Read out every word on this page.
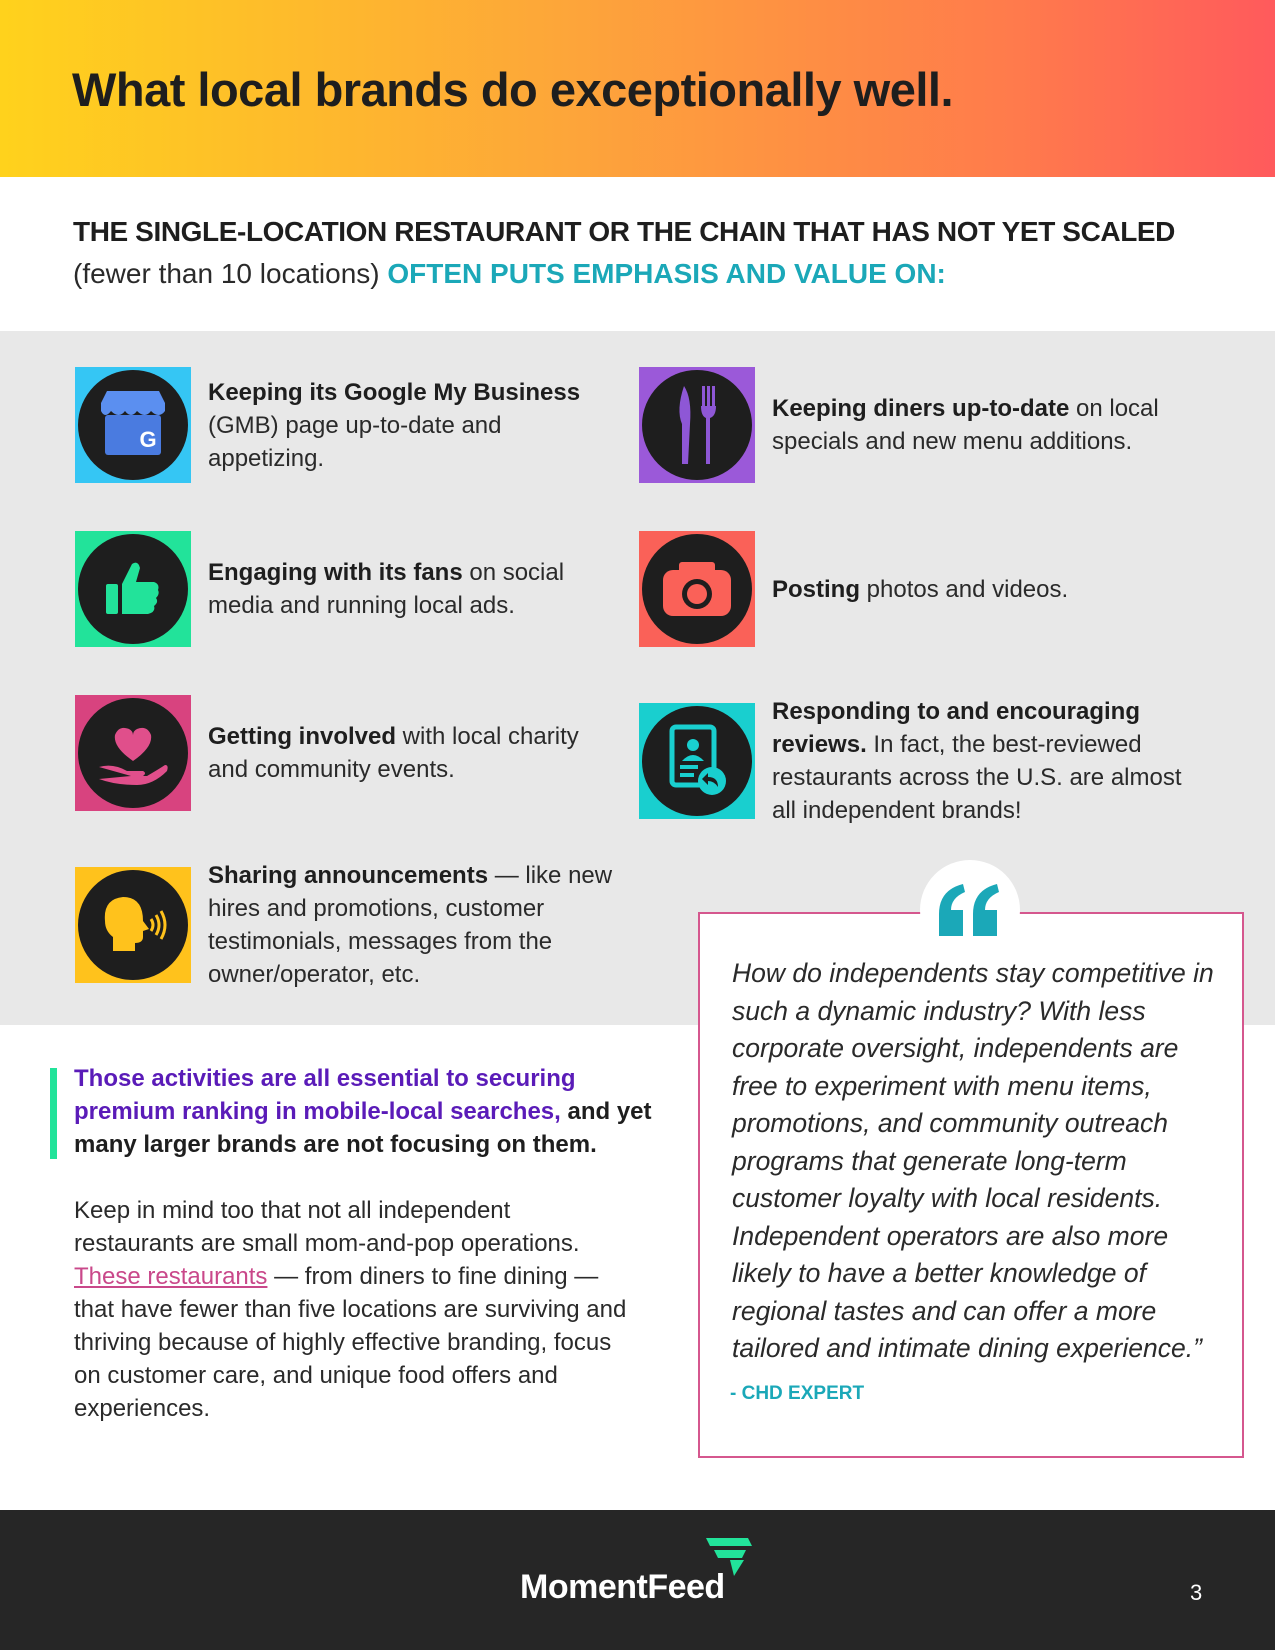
What local brands do exceptionally well.
THE SINGLE-LOCATION RESTAURANT OR THE CHAIN THAT HAS NOT YET SCALED
(fewer than 10 locations) OFTEN PUTS EMPHASIS AND VALUE ON:
G
Keeping its Google My Business
(GMB) page up-to-date and appetizing.
Keeping diners up-to-date on local specials and new menu additions.
Engaging with its fans on social media and running local ads.
Posting photos and videos.
Getting involved with local charity and community events.
Responding to and encouraging reviews. In fact, the best-reviewed restaurants across the U.S. are almost all independent brands!
Sharing announcements — like new hires and promotions, customer testimonials, messages from the owner/operator, etc.	How do independents stay competitive in such a dynamic industry? With less corporate oversight, independents are free to experiment with menu items, promotions, and community outreach programs that generate long-term customer loyalty with local residents. Independent operators are also more likely to have a better knowledge of regional tastes and can offer a more tailored and intimate dining experience.”
- CHD EXPERT
Those activities are all essential to securing premium ranking in mobile-local searches, and yet many larger brands are not focusing on them.
Keep in mind too that not all independent restaurants are small mom-and-pop operations. These restaurants — from diners to fine dining — that have fewer than five locations are surviving and thriving because of highly effective branding, focus on customer care, and unique food offers and experiences.
MomentFeed	3
